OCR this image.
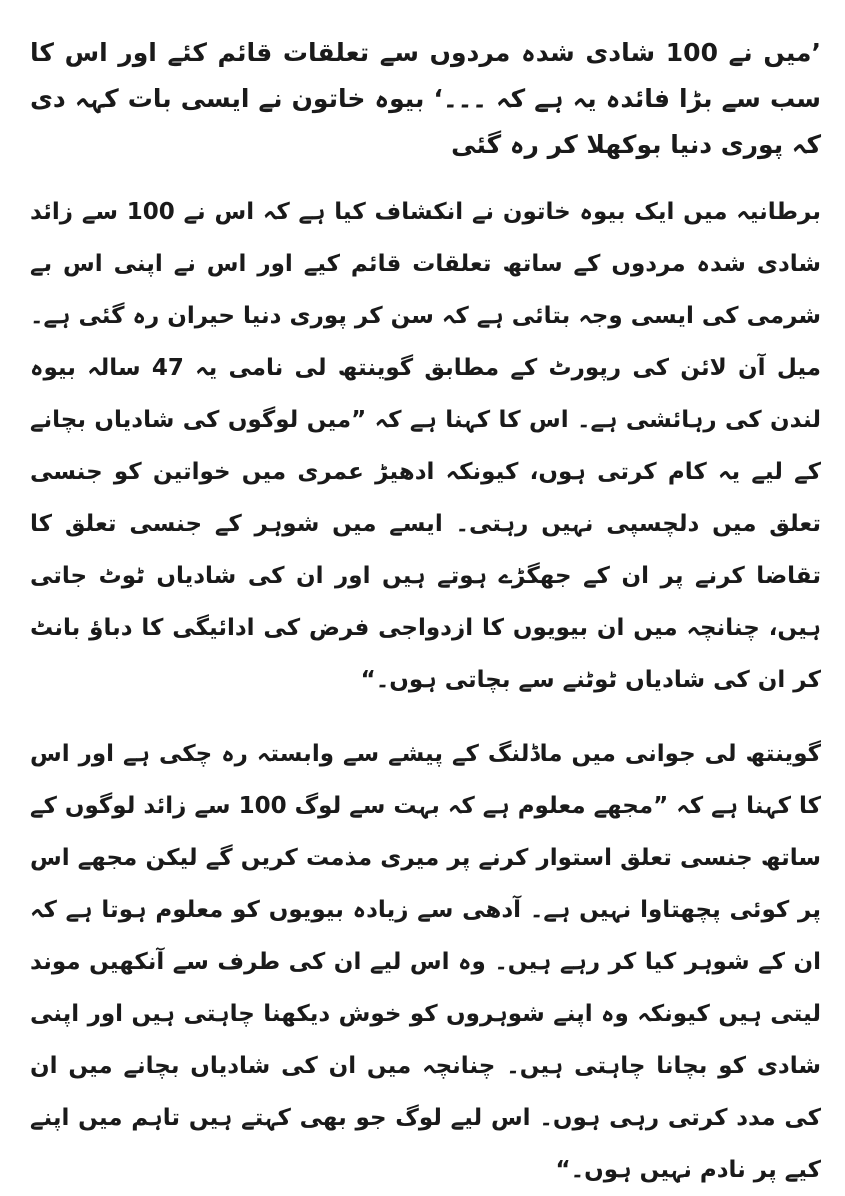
’میں نے 100 شادی شدہ مردوں سے تعلقات قائم کئے اور اس کا سب سے بڑا فائدہ یہ ہے کہ ۔۔۔‘ بیوہ خاتون نے ایسی بات کہہ دی کہ پوری دنیا بوکھلا کر رہ گئی
برطانیہ میں ایک بیوہ خاتون نے انکشاف کیا ہے کہ اس نے 100 سے زائد شادی شدہ مردوں کے ساتھ تعلقات قائم کیے اور اس نے اپنی اس بے شرمی کی ایسی وجہ بتائی ہے کہ سن کر پوری دنیا حیران رہ گئی ہے۔ میل آن لائن کی رپورٹ کے مطابق گوینتھ لی نامی یہ 47 سالہ بیوہ لندن کی رہائشی ہے۔ اس کا کہنا ہے کہ ”میں لوگوں کی شادیاں بچانے کے لیے یہ کام کرتی ہوں، کیونکہ ادھیڑ عمری میں خواتین کو جنسی تعلق میں دلچسپی نہیں رہتی۔ ایسے میں شوہر کے جنسی تعلق کا تقاضا کرنے پر ان کے جھگڑے ہوتے ہیں اور ان کی شادیاں ٹوٹ جاتی ہیں، چنانچہ میں ان بیویوں کا ازدواجی فرض کی ادائیگی کا دباﺅ بانٹ کر ان کی شادیاں ٹوٹنے سے بچاتی ہوں۔“
گوینتھ لی جوانی میں ماڈلنگ کے پیشے سے وابستہ رہ چکی ہے اور اس کا کہنا ہے کہ ”مجھے معلوم ہے کہ بہت سے لوگ 100 سے زائد لوگوں کے ساتھ جنسی تعلق استوار کرنے پر میری مذمت کریں گے لیکن مجھے اس پر کوئی پچھتاوا نہیں ہے۔ آدھی سے زیادہ بیویوں کو معلوم ہوتا ہے کہ ان کے شوہر کیا کر رہے ہیں۔ وہ اس لیے ان کی طرف سے آنکھیں موند لیتی ہیں کیونکہ وہ اپنے شوہروں کو خوش دیکھنا چاہتی ہیں اور اپنی شادی کو بچانا چاہتی ہیں۔ چنانچہ میں ان کی شادیاں بچانے میں ان کی مدد کرتی رہی ہوں۔ اس لیے لوگ جو بھی کہتے ہیں تاہم میں اپنے کیے پر نادم نہیں ہوں۔“
